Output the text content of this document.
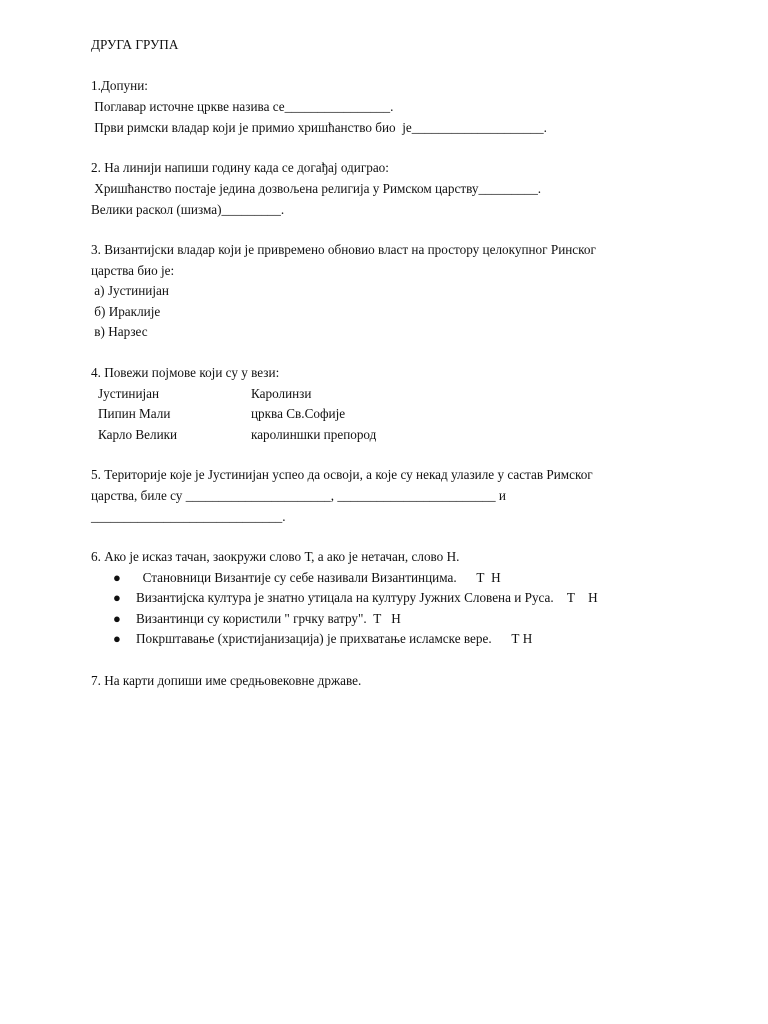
ДРУГА ГРУПА
1.Допуни:
Поглавар источне цркве назива се________________.
Први римски владар који је примио хришћанство био  је____________________.
2. На линији напиши годину када се догађај одиграо:
Хришћанство постаје једина дозвољена религија у Римском царству_________.
Велики раскол (шизма)_________.
3. Византијски владар који је привремено обновио власт на простору целокупног Ринског
царства био је:
а) Јустинијан
б) Ираклије
в) Нарзес
4. Повежи појмове који су у вези:
Јустинијан
Пипин Мали
Карло Велики
Каролинзи
црква Св.Софије
каролиншки препород
5. Територије које је Јустинијан успео да освоји, а које су некад улазиле у састав Римског
царства, биле су ______________________, ________________________ и
_____________________________.
6. Ако је исказ тачан, заокружи слово Т, а ако је нетачан, слово Н.
● Становници Византије су себе називали Византинцима.      Т  Н
● Византијска култура је знатно утицала на културу Јужних Словена и Руса.    Т    Н
● Византинци су користили " грчку ватру".  Т   Н
● Покрштавање (христијанизација) је прихватање исламске вере.      Т Н
7. На карти допиши име средњовековне државе.
